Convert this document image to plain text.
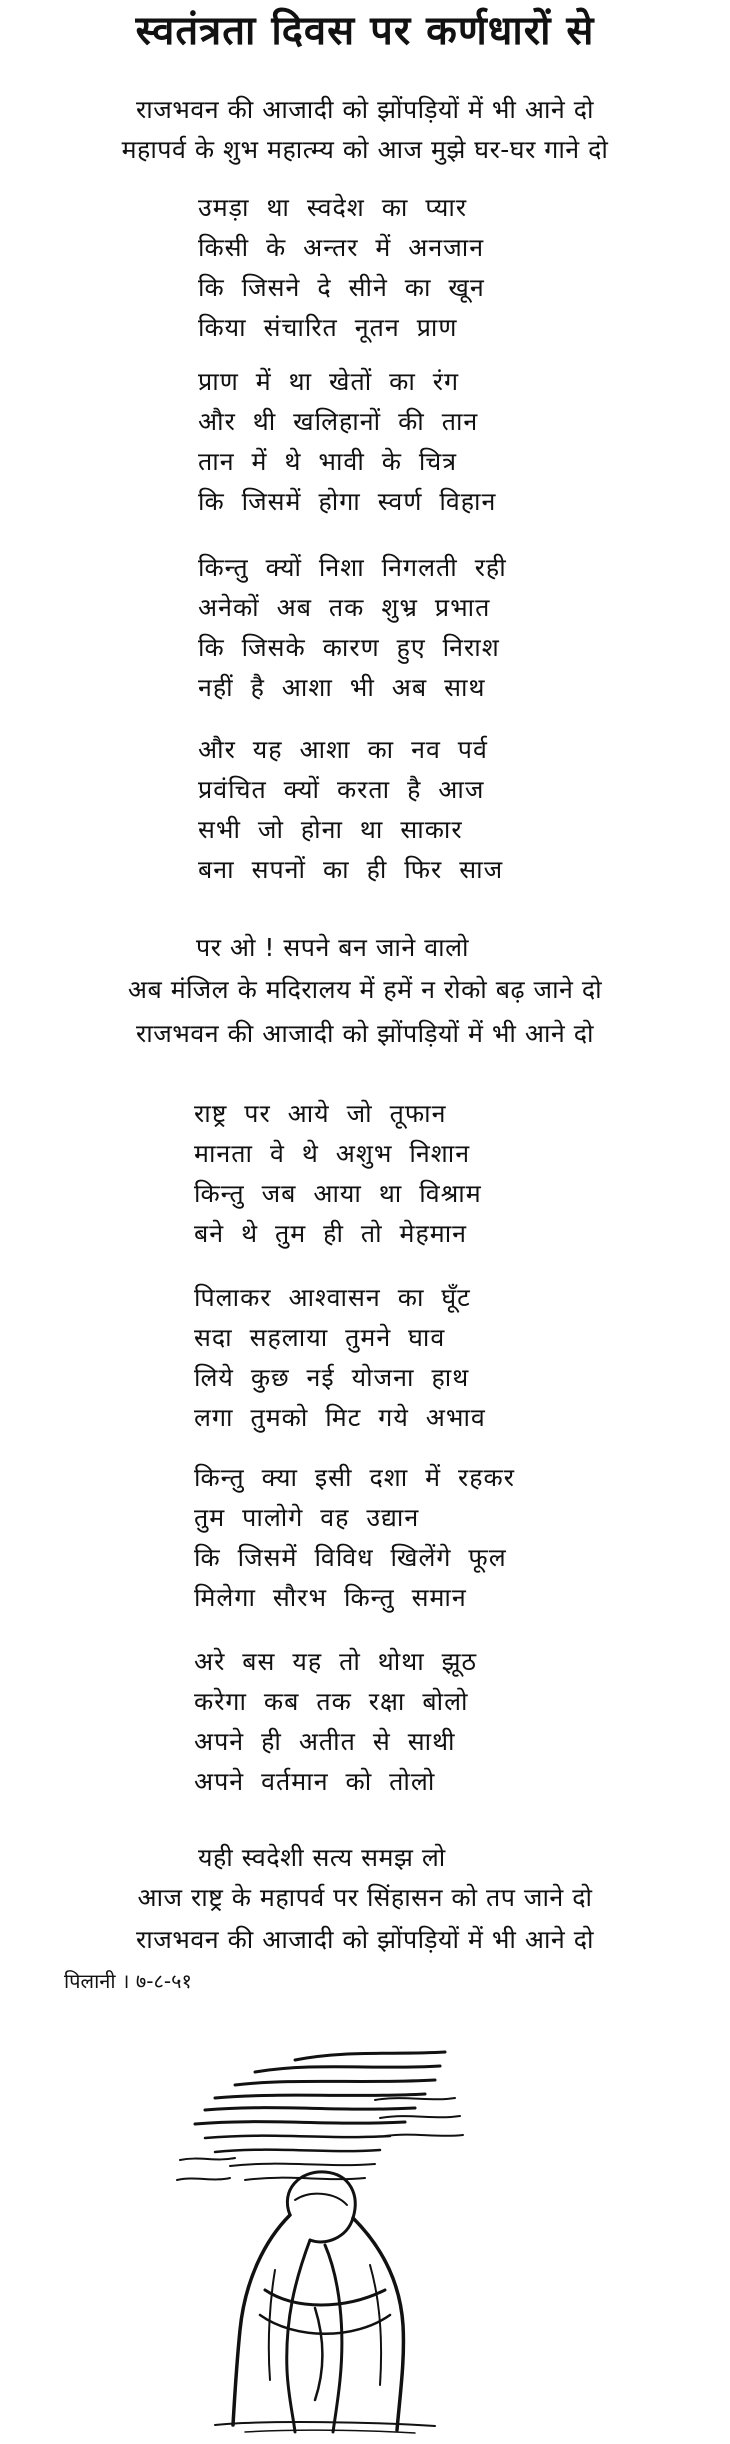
स्वतंत्रता दिवस पर कर्णधारों से

राजभवन की आजादी को झोंपड़ियों में भी आने दो

महापर्व के शुभ महात्म्य को आज मुझे घर-घर गाने दो

उमड़ा था स्वदेश का प्यार
किसी के अन्तर में अनजान
कि जिसने दे सीने का खून
किया संचारित नूतन प्राण
प्राण में था खेतों का रंग
और थी खलिहानों की तान
तान में थे भावी के चित्र
कि जिसमें होगा स्वर्ण विहान
किन्तु क्यों निशा निगलती रही
अनेकों अब तक शुभ्र प्रभात
कि जिसके कारण हुए निराश
नहीं है आशा भी अब साथ
और यह आशा का नव पर्व
प्रवंचित क्यों करता है आज
सभी जो होना था साकार
बना सपनों का ही फिर साज

पर ओ ! सपने बन जाने वालो

अब मंजिल के मदिरालय में हमें न रोको बढ़ जाने दो

राजभवन की आजादी को झोंपड़ियों में भी आने दो

राष्ट्र पर आये जो तूफान
मानता वे थे अशुभ निशान
किन्तु जब आया था विश्राम
बने थे तुम ही तो मेहमान
पिलाकर आश्वासन का घूँट
सदा सहलाया तुमने घाव
लिये कुछ नई योजना हाथ
लगा तुमको मिट गये अभाव
किन्तु क्या इसी दशा में रहकर
तुम पालोगे वह उद्यान
कि जिसमें विविध खिलेंगे फूल
मिलेगा सौरभ किन्तु समान
अरे बस यह तो थोथा झूठ
करेगा कब तक रक्षा बोलो
अपने ही अतीत से साथी
अपने वर्तमान को तोलो

यही स्वदेशी सत्य समझ लो

आज राष्ट्र के महापर्व पर सिंहासन को तप जाने दो

राजभवन की आजादी को झोंपड़ियों में भी आने दो

पिलानी । ७-८-५१
